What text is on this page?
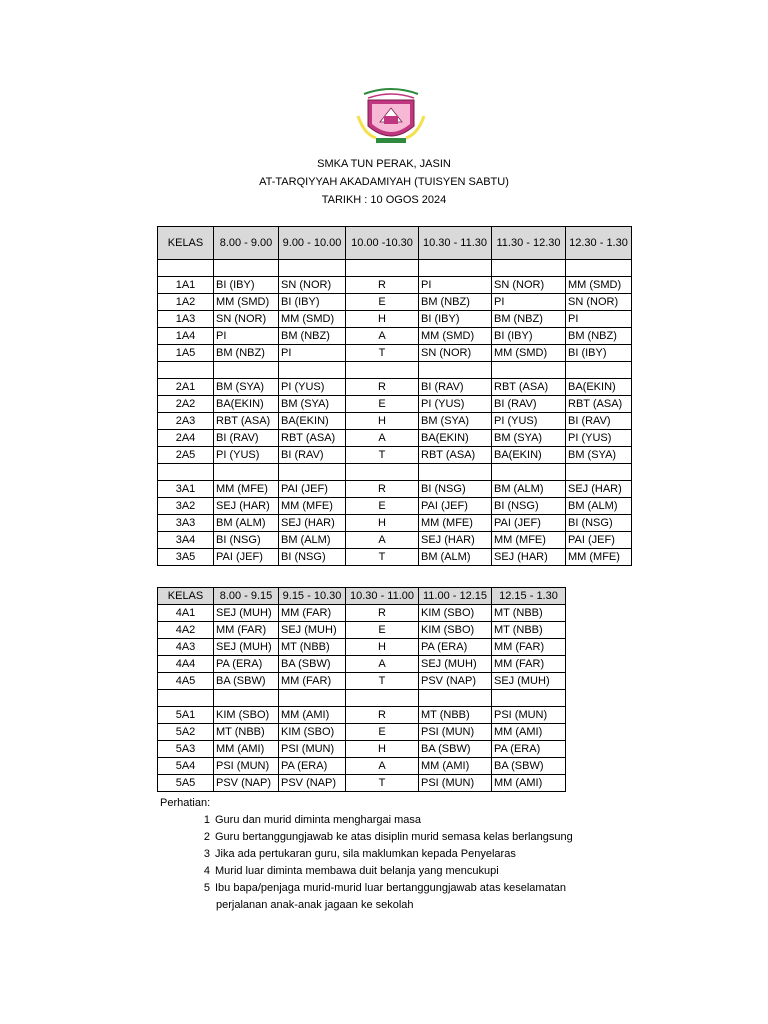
SMKA TUN PERAK, JASIN
AT-TARQIYYAH AKADAMIYAH (TUISYEN SABTU)
TARIKH : 10 OGOS 2024
KELAS	8.00 - 9.00	9.00 - 10.00	10.00 -10.30	10.30 - 11.30	11.30 - 12.30	12.30 - 1.30

1A1	BI (IBY)	SN (NOR)	R	PI	SN (NOR)	MM (SMD)
1A2	MM (SMD)	BI (IBY)	E	BM (NBZ)	PI	SN (NOR)
1A3	SN (NOR)	MM (SMD)	H	BI (IBY)	BM (NBZ)	PI
1A4	PI	BM (NBZ)	A	MM (SMD)	BI (IBY)	BM (NBZ)
1A5	BM (NBZ)	PI	T	SN (NOR)	MM (SMD)	BI (IBY)

2A1	BM (SYA)	PI (YUS)	R	BI (RAV)	RBT (ASA)	BA(EKIN)
2A2	BA(EKIN)	BM (SYA)	E	PI (YUS)	BI (RAV)	RBT (ASA)
2A3	RBT (ASA)	BA(EKIN)	H	BM (SYA)	PI (YUS)	BI (RAV)
2A4	BI (RAV)	RBT (ASA)	A	BA(EKIN)	BM (SYA)	PI (YUS)
2A5	PI (YUS)	BI (RAV)	T	RBT (ASA)	BA(EKIN)	BM (SYA)

3A1	MM (MFE)	PAI (JEF)	R	BI (NSG)	BM (ALM)	SEJ (HAR)
3A2	SEJ (HAR)	MM (MFE)	E	PAI (JEF)	BI (NSG)	BM (ALM)
3A3	BM (ALM)	SEJ (HAR)	H	MM (MFE)	PAI (JEF)	BI (NSG)
3A4	BI (NSG)	BM (ALM)	A	SEJ (HAR)	MM (MFE)	PAI (JEF)
3A5	PAI (JEF)	BI (NSG)	T	BM (ALM)	SEJ (HAR)	MM (MFE)
KELAS	8.00 - 9.15	9.15 - 10.30	10.30 - 11.00	11.00 - 12.15	12.15 - 1.30
4A1	SEJ (MUH)	MM (FAR)	R	KIM (SBO)	MT (NBB)
4A2	MM (FAR)	SEJ (MUH)	E	KIM (SBO)	MT (NBB)
4A3	SEJ (MUH)	MT (NBB)	H	PA (ERA)	MM (FAR)
4A4	PA (ERA)	BA (SBW)	A	SEJ (MUH)	MM (FAR)
4A5	BA (SBW)	MM (FAR)	T	PSV (NAP)	SEJ (MUH)

5A1	KIM (SBO)	MM (AMI)	R	MT (NBB)	PSI (MUN)
5A2	MT (NBB)	KIM (SBO)	E	PSI (MUN)	MM (AMI)
5A3	MM (AMI)	PSI (MUN)	H	BA (SBW)	PA (ERA)
5A4	PSI (MUN)	PA (ERA)	A	MM (AMI)	BA (SBW)
5A5	PSV (NAP)	PSV (NAP)	T	PSI (MUN)	MM (AMI)
Perhatian:
1 Guru dan murid diminta menghargai masa
2 Guru bertanggungjawab ke atas disiplin murid semasa kelas berlangsung
3 Jika ada pertukaran guru, sila maklumkan kepada Penyelaras
4 Murid luar diminta membawa duit belanja yang mencukupi
5 Ibu bapa/penjaga murid-murid luar bertanggungjawab atas keselamatan
perjalanan anak-anak jagaan ke sekolah
